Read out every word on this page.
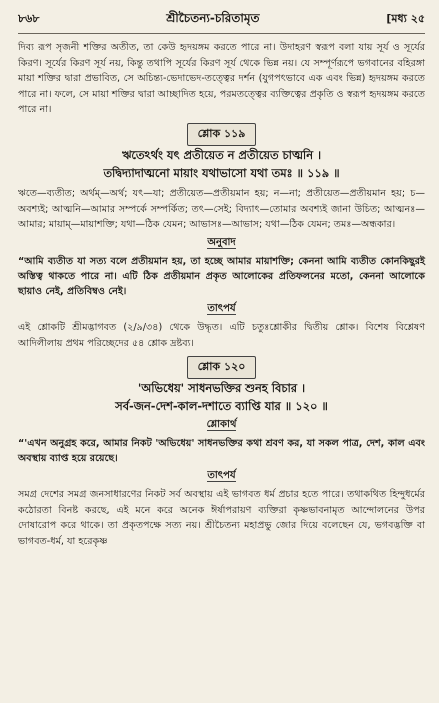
৮৬৮	শ্রীচৈতন্য-চরিতামৃত	[মধ্য ২৫

দিব্য রূপ সৃজনী শক্তির অতীত, তা কেউ হৃদয়ঙ্গম করতে পারে না। উদাহরণ স্বরূপ বলা যায় সূর্য ও সূর্যের কিরণ। সূর্যের কিরণ সূর্য নয়, কিন্তু তথাপি সূর্যের কিরণ সূর্য থেকে ভিন্ন নয়। যে সম্পূর্ণরূপে ভগবানের বহিরঙ্গা মায়া শক্তির দ্বারা প্রভাবিত, সে অচিন্ত্য-ভেদাভেদ-তত্ত্বের দর্শন (যুগপৎভাবে এক এবং ভিন্ন) হৃদয়ঙ্গম করতে পারে না। ফলে, সে মায়া শক্তির দ্বারা আচ্ছাদিত হয়ে, পরমতত্ত্বের ব্যক্তিত্বের প্রকৃতি ও স্বরূপ হৃদয়ঙ্গম করতে পারে না।

শ্লোক ১১৯

ঋতেঽর্থং যৎ প্রতীয়েত ন প্রতীয়েত চাত্মনি ।

তদ্বিদ্যাদাত্মনো মায়াং যথাভাসো যথা তমঃ ॥ ১১৯ ॥

ঋতে—ব্যতীত; অর্থম্—অর্থ; যৎ—যা; প্রতীয়েত—প্রতীয়মান হয়; ন—না; প্রতীয়েত—প্রতীয়মান হয়; চ—অবশ্যই; আত্মনি—আমার সম্পর্কে সম্পর্কিত; তৎ—সেই; বিদ্যাৎ—তোমার অবশ্যই জানা উচিত; আত্মনঃ—আমার; মায়াম্—মায়াশক্তি; যথা—ঠিক যেমন; আভাসঃ—আভাস; যথা—ঠিক যেমন; তমঃ—অন্ধকার।

অনুবাদ

“আমি ব্যতীত যা সত্য বলে প্রতীয়মান হয়, তা হচ্ছে আমার মায়াশক্তি; কেননা আমি ব্যতীত কোনকিছুরই অস্তিত্ব থাকতে পারে না। এটি ঠিক প্রতীয়মান প্রকৃত আলোকের প্রতিফলনের মতো, কেননা আলোকে ছায়াও নেই, প্রতিবিম্বও নেই।

তাৎপর্য

এই শ্লোকটি শ্রীমদ্ভাগবত (২/৯/৩৪) থেকে উদ্ধৃত। এটি চতুঃশ্লোকীর দ্বিতীয় শ্লোক। বিশেষ বিশ্লেষণ আদিলীলায় প্রথম পরিচ্ছেদের ৫৪ শ্লোক দ্রষ্টব্য।

শ্লোক ১২০

'অভিধেয়' সাধনভক্তির শুনহ বিচার ।

সর্ব-জন-দেশ-কাল-দশাতে ব্যাপ্তি যার ॥ ১২০ ॥

শ্লোকার্থ

“'এখন অনুগ্রহ করে, আমার নিকট 'অভিধেয়' সাধনভক্তির কথা শ্রবণ কর, যা সকল পাত্র, দেশ, কাল এবং অবস্থায় ব্যাপ্ত হয়ে রয়েছে।

তাৎপর্য

সমগ্র দেশের সমগ্র জনসাধারণের নিকট সর্ব অবস্থায় এই ভাগবত ধর্ম প্রচার হতে পারে। তথাকথিত হিন্দুধর্মের কঠোরতা বিনষ্ট করছে, এই মনে করে অনেক ঈর্ষাপরায়ণ ব্যক্তিরা কৃষ্ণভাবনামৃত আন্দোলনের উপর দোষারোপ করে থাকে। তা প্রকৃতপক্ষে সত্য নয়। শ্রীচৈতন্য মহাপ্রভু জোর দিয়ে বলেছেন যে, ভগবদ্ভক্তি বা ভাগবত-ধর্ম, যা হরেকৃষ্ণ
